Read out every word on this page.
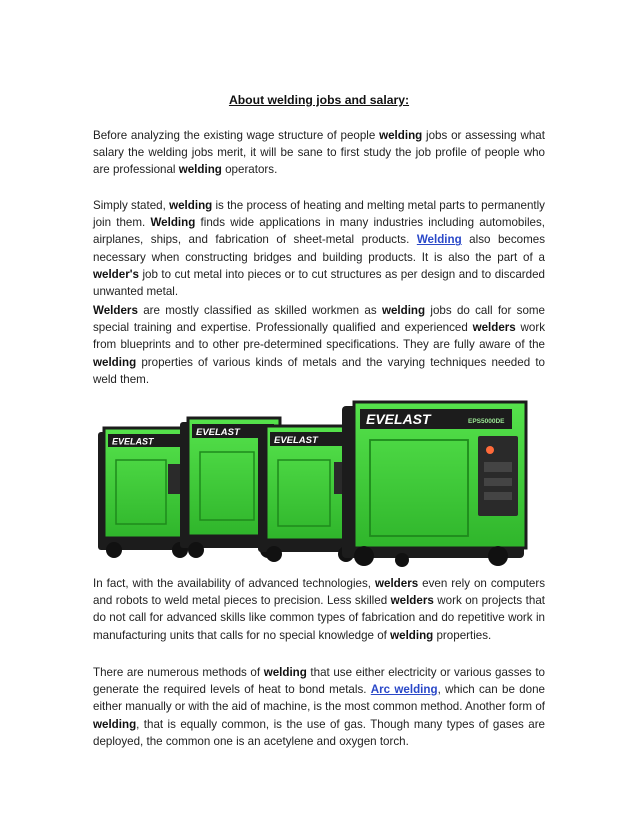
About welding jobs and salary:

Before analyzing the existing wage structure of people welding jobs or assessing what salary the welding jobs merit, it will be sane to first study the job profile of people who are professional welding operators.

Simply stated, welding is the process of heating and melting metal parts to permanently join them. Welding finds wide applications in many industries including automobiles, airplanes, ships, and fabrication of sheet-metal products. Welding also becomes necessary when constructing bridges and building products. It is also the part of a welder's job to cut metal into pieces or to cut structures as per design and to discarded unwanted metal.

Welders are mostly classified as skilled workmen as welding jobs do call for some special training and expertise. Professionally qualified and experienced welders work from blueprints and to other pre-determined specifications. They are fully aware of the welding properties of various kinds of metals and the varying techniques needed to weld them.

EVELAST
EVELAST
EVELAST
EVELAST	EPS5000DE

In fact, with the availability of advanced technologies, welders even rely on computers and robots to weld metal pieces to precision. Less skilled welders work on projects that do not call for advanced skills like common types of fabrication and do repetitive work in manufacturing units that calls for no special knowledge of welding properties.

There are numerous methods of welding that use either electricity or various gasses to generate the required levels of heat to bond metals. Arc welding, which can be done either manually or with the aid of machine, is the most common method. Another form of welding, that is equally common, is the use of gas. Though many types of gases are deployed, the common one is an acetylene and oxygen torch.
